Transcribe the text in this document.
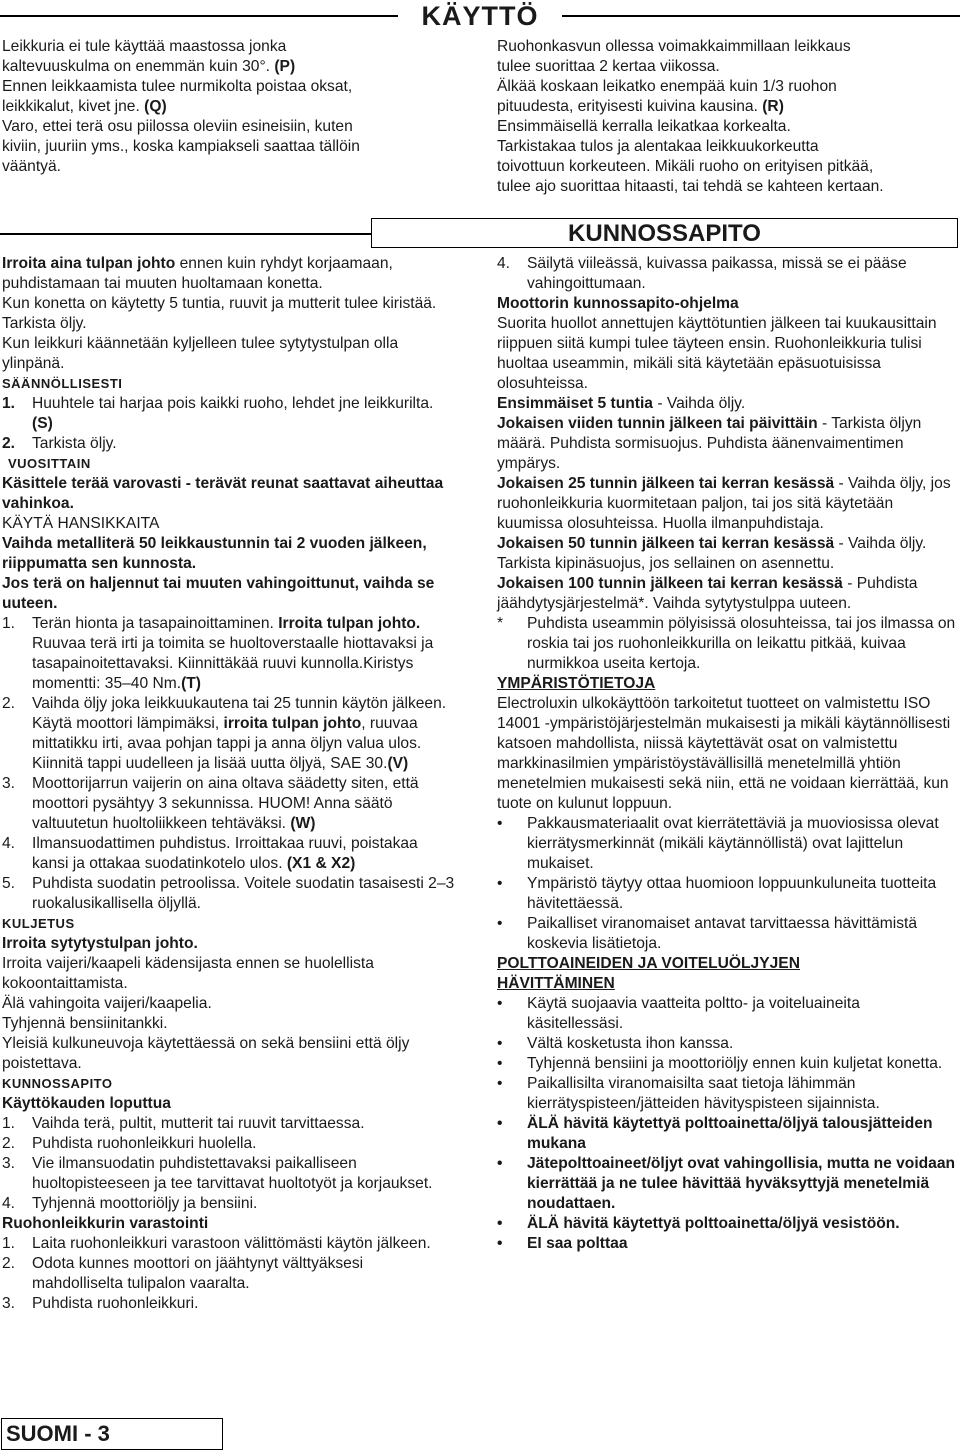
KÄYTTÖ

Leikkuria ei tule käyttää maastossa jonka

kaltevuuskulma on enemmän kuin 30°. (P)

Ennen leikkaamista tulee nurmikolta poistaa oksat,

leikkikalut, kivet jne. (Q)

Varo, ettei terä osu piilossa oleviin esineisiin, kuten

kiviin, juuriin yms., koska kampiakseli saattaa tällöin

vääntyä.

Ruohonkasvun ollessa voimakkaimmillaan leikkaus

tulee suorittaa 2 kertaa viikossa.

Älkää koskaan leikatko enempää kuin 1/3 ruohon

pituudesta, erityisesti kuivina kausina. (R)

Ensimmäisellä kerralla leikatkaa korkealta.

Tarkistakaa tulos ja alentakaa leikkuukorkeutta

toivottuun korkeuteen. Mikäli ruoho on erityisen pitkää,

tulee ajo suorittaa hitaasti, tai tehdä se kahteen kertaan.

KUNNOSSAPITO

Irroita aina tulpan johto ennen kuin ryhdyt korjaamaan, puhdistamaan tai muuten huoltamaan konetta.

Kun konetta on käytetty 5 tuntia, ruuvit ja mutterit tulee kiristää.

Tarkista öljy.

Kun leikkuri käännetään kyljelleen tulee sytytystulpan olla ylinpänä.

SÄÄNNÖLLISESTI

1.	Huuhtele tai harjaa pois kaikki ruoho, lehdet jne leikkurilta. (S)
2.	Tarkista öljy.

VUOSITTAIN

Käsittele terää varovasti - terävät reunat saattavat aiheuttaa vahinkoa.

KÄYTÄ HANSIKKAITA

Vaihda metalliterä 50 leikkaustunnin tai 2 vuoden jälkeen, riippumatta sen kunnosta.

Jos terä on haljennut tai muuten vahingoittunut, vaihda se uuteen.

1.	Terän hionta ja tasapainoittaminen. Irroita tulpan johto. Ruuvaa terä irti ja toimita se huoltoverstaalle hiottavaksi ja tasapainoitettavaksi. Kiinnittäkää ruuvi kunnolla.Kiristys momentti: 35–40 Nm.(T)
2.	Vaihda öljy joka leikkuukautena tai 25 tunnin käytön jälkeen. Käytä moottori lämpimäksi, irroita tulpan johto, ruuvaa mittatikku irti, avaa pohjan tappi ja anna öljyn valua ulos. Kiinnitä tappi uudelleen ja lisää uutta öljyä, SAE 30.(V)
3.	Moottorijarrun vaijerin on aina oltava säädetty siten, että moottori pysähtyy 3 sekunnissa. HUOM! Anna säätö valtuutetun huoltoliikkeen tehtäväksi. (W)
4.	Ilmansuodattimen puhdistus. Irroittakaa ruuvi, poistakaa kansi ja ottakaa suodatinkotelo ulos. (X1 & X2)
5.	Puhdista suodatin petroolissa. Voitele suodatin tasaisesti 2–3 ruokalusikallisella öljyllä.

KULJETUS

Irroita sytytystulpan johto.

Irroita vaijeri/kaapeli kädensijasta ennen se huolellista kokoontaittamista.

Älä vahingoita vaijeri/kaapelia.

Tyhjennä bensiinitankki.

Yleisiä kulkuneuvoja käytettäessä on sekä bensiini että öljy poistettava.

KUNNOSSAPITO

Käyttökauden loputtua

1.	Vaihda terä, pultit, mutterit tai ruuvit tarvittaessa.
2.	Puhdista ruohonleikkuri huolella.
3.	Vie ilmansuodatin puhdistettavaksi paikalliseen huoltopisteeseen ja tee tarvittavat huoltotyöt ja korjaukset.
4.	Tyhjennä moottoriöljy ja bensiini.

Ruohonleikkurin varastointi

1.	Laita ruohonleikkuri varastoon välittömästi käytön jälkeen.
2.	Odota kunnes moottori on jäähtynyt välttyäksesi mahdolliselta tulipalon vaaralta.
3.	Puhdista ruohonleikkuri.
4.	Säilytä viileässä, kuivassa paikassa, missä se ei pääse vahingoittumaan.

Moottorin kunnossapito-ohjelma

Suorita huollot annettujen käyttötuntien jälkeen tai kuukausittain riippuen siitä kumpi tulee täyteen ensin. Ruohonleikkuria tulisi huoltaa useammin, mikäli sitä käytetään epäsuotuisissa olosuhteissa.

Ensimmäiset 5 tuntia - Vaihda öljy.

Jokaisen viiden tunnin jälkeen tai päivittäin - Tarkista öljyn määrä. Puhdista sormisuojus. Puhdista äänenvaimentimen ympärys.

Jokaisen 25 tunnin jälkeen tai kerran kesässä - Vaihda öljy, jos ruohonleikkuria kuormitetaan paljon, tai jos sitä käytetään kuumissa olosuhteissa. Huolla ilmanpuhdistaja.

Jokaisen 50 tunnin jälkeen tai kerran kesässä - Vaihda öljy. Tarkista kipinäsuojus, jos sellainen on asennettu.

Jokaisen 100 tunnin jälkeen tai kerran kesässä - Puhdista jäähdytysjärjestelmä*. Vaihda sytytystulppa uuteen.

*	Puhdista useammin pölyisissä olosuhteissa, tai jos ilmassa on roskia tai jos ruohonleikkurilla on leikattu pitkää, kuivaa nurmikkoa useita kertoja.

YMPÄRISTÖTIETOJA

Electroluxin ulkokäyttöön tarkoitetut tuotteet on valmistettu ISO 14001 -ympäristöjärjestelmän mukaisesti ja mikäli käytännöllisesti katsoen mahdollista, niissä käytettävät osat on valmistettu markkinasilmien ympäristöystävällisillä menetelmillä yhtiön menetelmien mukaisesti sekä niin, että ne voidaan kierrättää, kun tuote on kulunut loppuun.

•	Pakkausmateriaalit ovat kierrätettäviä ja muoviosissa olevat kierrätysmerkinnät (mikäli käytännöllistä) ovat lajittelun mukaiset.
•	Ympäristö täytyy ottaa huomioon loppuunkuluneita tuotteita hävitettäessä.
•	Paikalliset viranomaiset antavat tarvittaessa hävittämistä koskevia lisätietoja.

POLTTOAINEIDEN JA VOITELUÖLJYJEN HÄVITTÄMINEN

•	Käytä suojaavia vaatteita poltto- ja voiteluaineita käsitellessäsi.
•	Vältä kosketusta ihon kanssa.
•	Tyhjennä bensiini ja moottoriöljy ennen kuin kuljetat konetta.
•	Paikallisilta viranomaisilta saat tietoja lähimmän kierrätyspisteen/jätteiden hävityspisteen sijainnista.
•	ÄLÄ hävitä käytettyä polttoainetta/öljyä talousjätteiden mukana
•	Jätepolttoaineet/öljyt ovat vahingollisia, mutta ne voidaan kierrättää ja ne tulee hävittää hyväksyttyjä menetelmiä noudattaen.
•	ÄLÄ hävitä käytettyä polttoainetta/öljyä vesistöön.
•	EI saa polttaa
SUOMI - 3
